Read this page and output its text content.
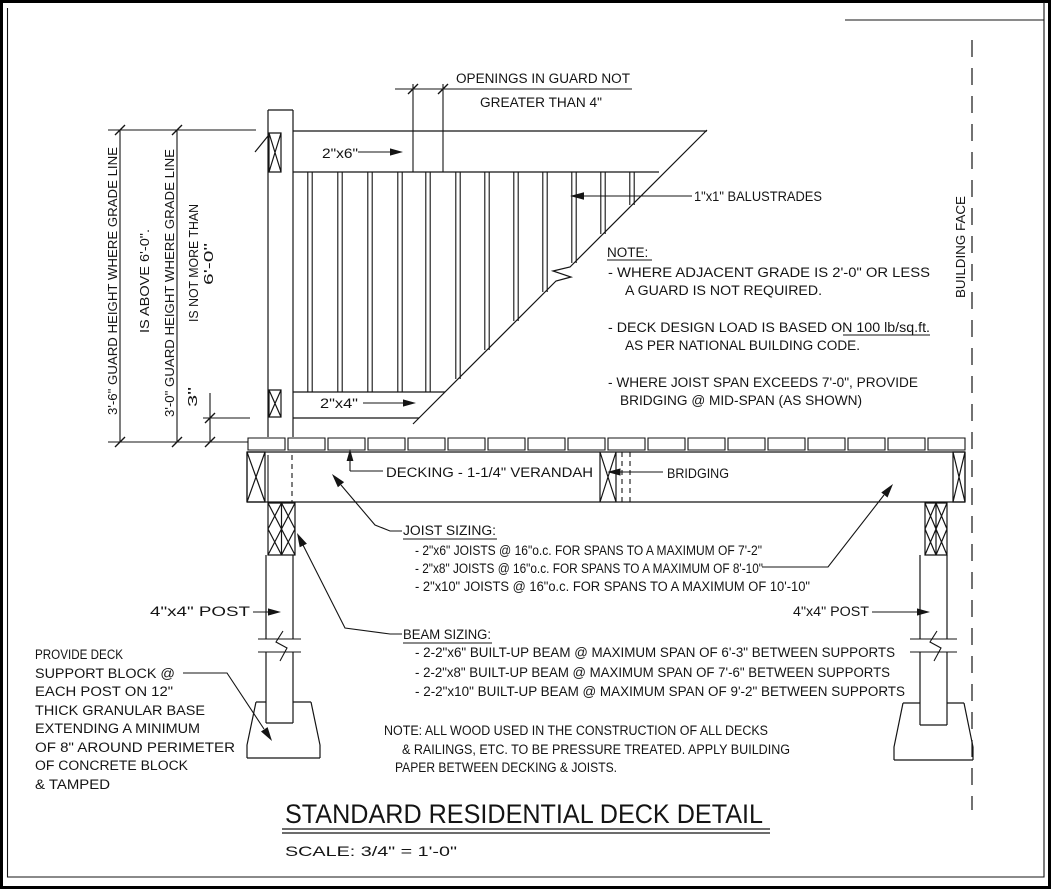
OPENINGS IN GUARD NOT
GREATER THAN 4"
3'-6" GUARD HEIGHT WHERE GRADE LINE IS ABOVE 6'-0". 3'-0" GUARD HEIGHT WHERE GRADE LINE IS NOT MORE THAN 6'-0"
3"
2"x6"
2"x4"
1"x1" BALUSTRADES
NOTE:
- WHERE ADJACENT GRADE IS 2'-0" OR LESS
A GUARD IS NOT REQUIRED.
- DECK DESIGN LOAD IS BASED ON 100 lb/sq.ft.
AS PER NATIONAL BUILDING CODE.
- WHERE JOIST SPAN EXCEEDS 7'-0", PROVIDE
BRIDGING @ MID-SPAN (AS SHOWN)
DECKING - 1-1/4" VERANDAH	BRIDGING
JOIST SIZING:
- 2"x6" JOISTS @ 16"o.c. FOR SPANS TO A MAXIMUM OF 7'-2"
- 2"x8" JOISTS @ 16"o.c. FOR SPANS TO A MAXIMUM OF 8'-10"
- 2"x10" JOISTS @ 16"o.c. FOR SPANS TO A MAXIMUM OF 10'-10"
BEAM SIZING:
- 2-2"x6" BUILT-UP BEAM @ MAXIMUM SPAN OF 6'-3" BETWEEN SUPPORTS
- 2-2"x8" BUILT-UP BEAM @ MAXIMUM SPAN OF 7'-6" BETWEEN SUPPORTS
- 2-2"x10" BUILT-UP BEAM @ MAXIMUM SPAN OF 9'-2" BETWEEN SUPPORTS
4"x4" POST	4"x4" POST
BUILDING FACE
PROVIDE DECK
SUPPORT BLOCK @
EACH POST ON 12"
THICK GRANULAR BASE
EXTENDING A MINIMUM
OF 8" AROUND PERIMETER
OF CONCRETE BLOCK
& TAMPED
NOTE: ALL WOOD USED IN THE CONSTRUCTION OF ALL DECKS
& RAILINGS, ETC. TO BE PRESSURE TREATED. APPLY BUILDING
PAPER BETWEEN DECKING & JOISTS.
STANDARD RESIDENTIAL DECK DETAIL
SCALE: 3/4" = 1'-0"
